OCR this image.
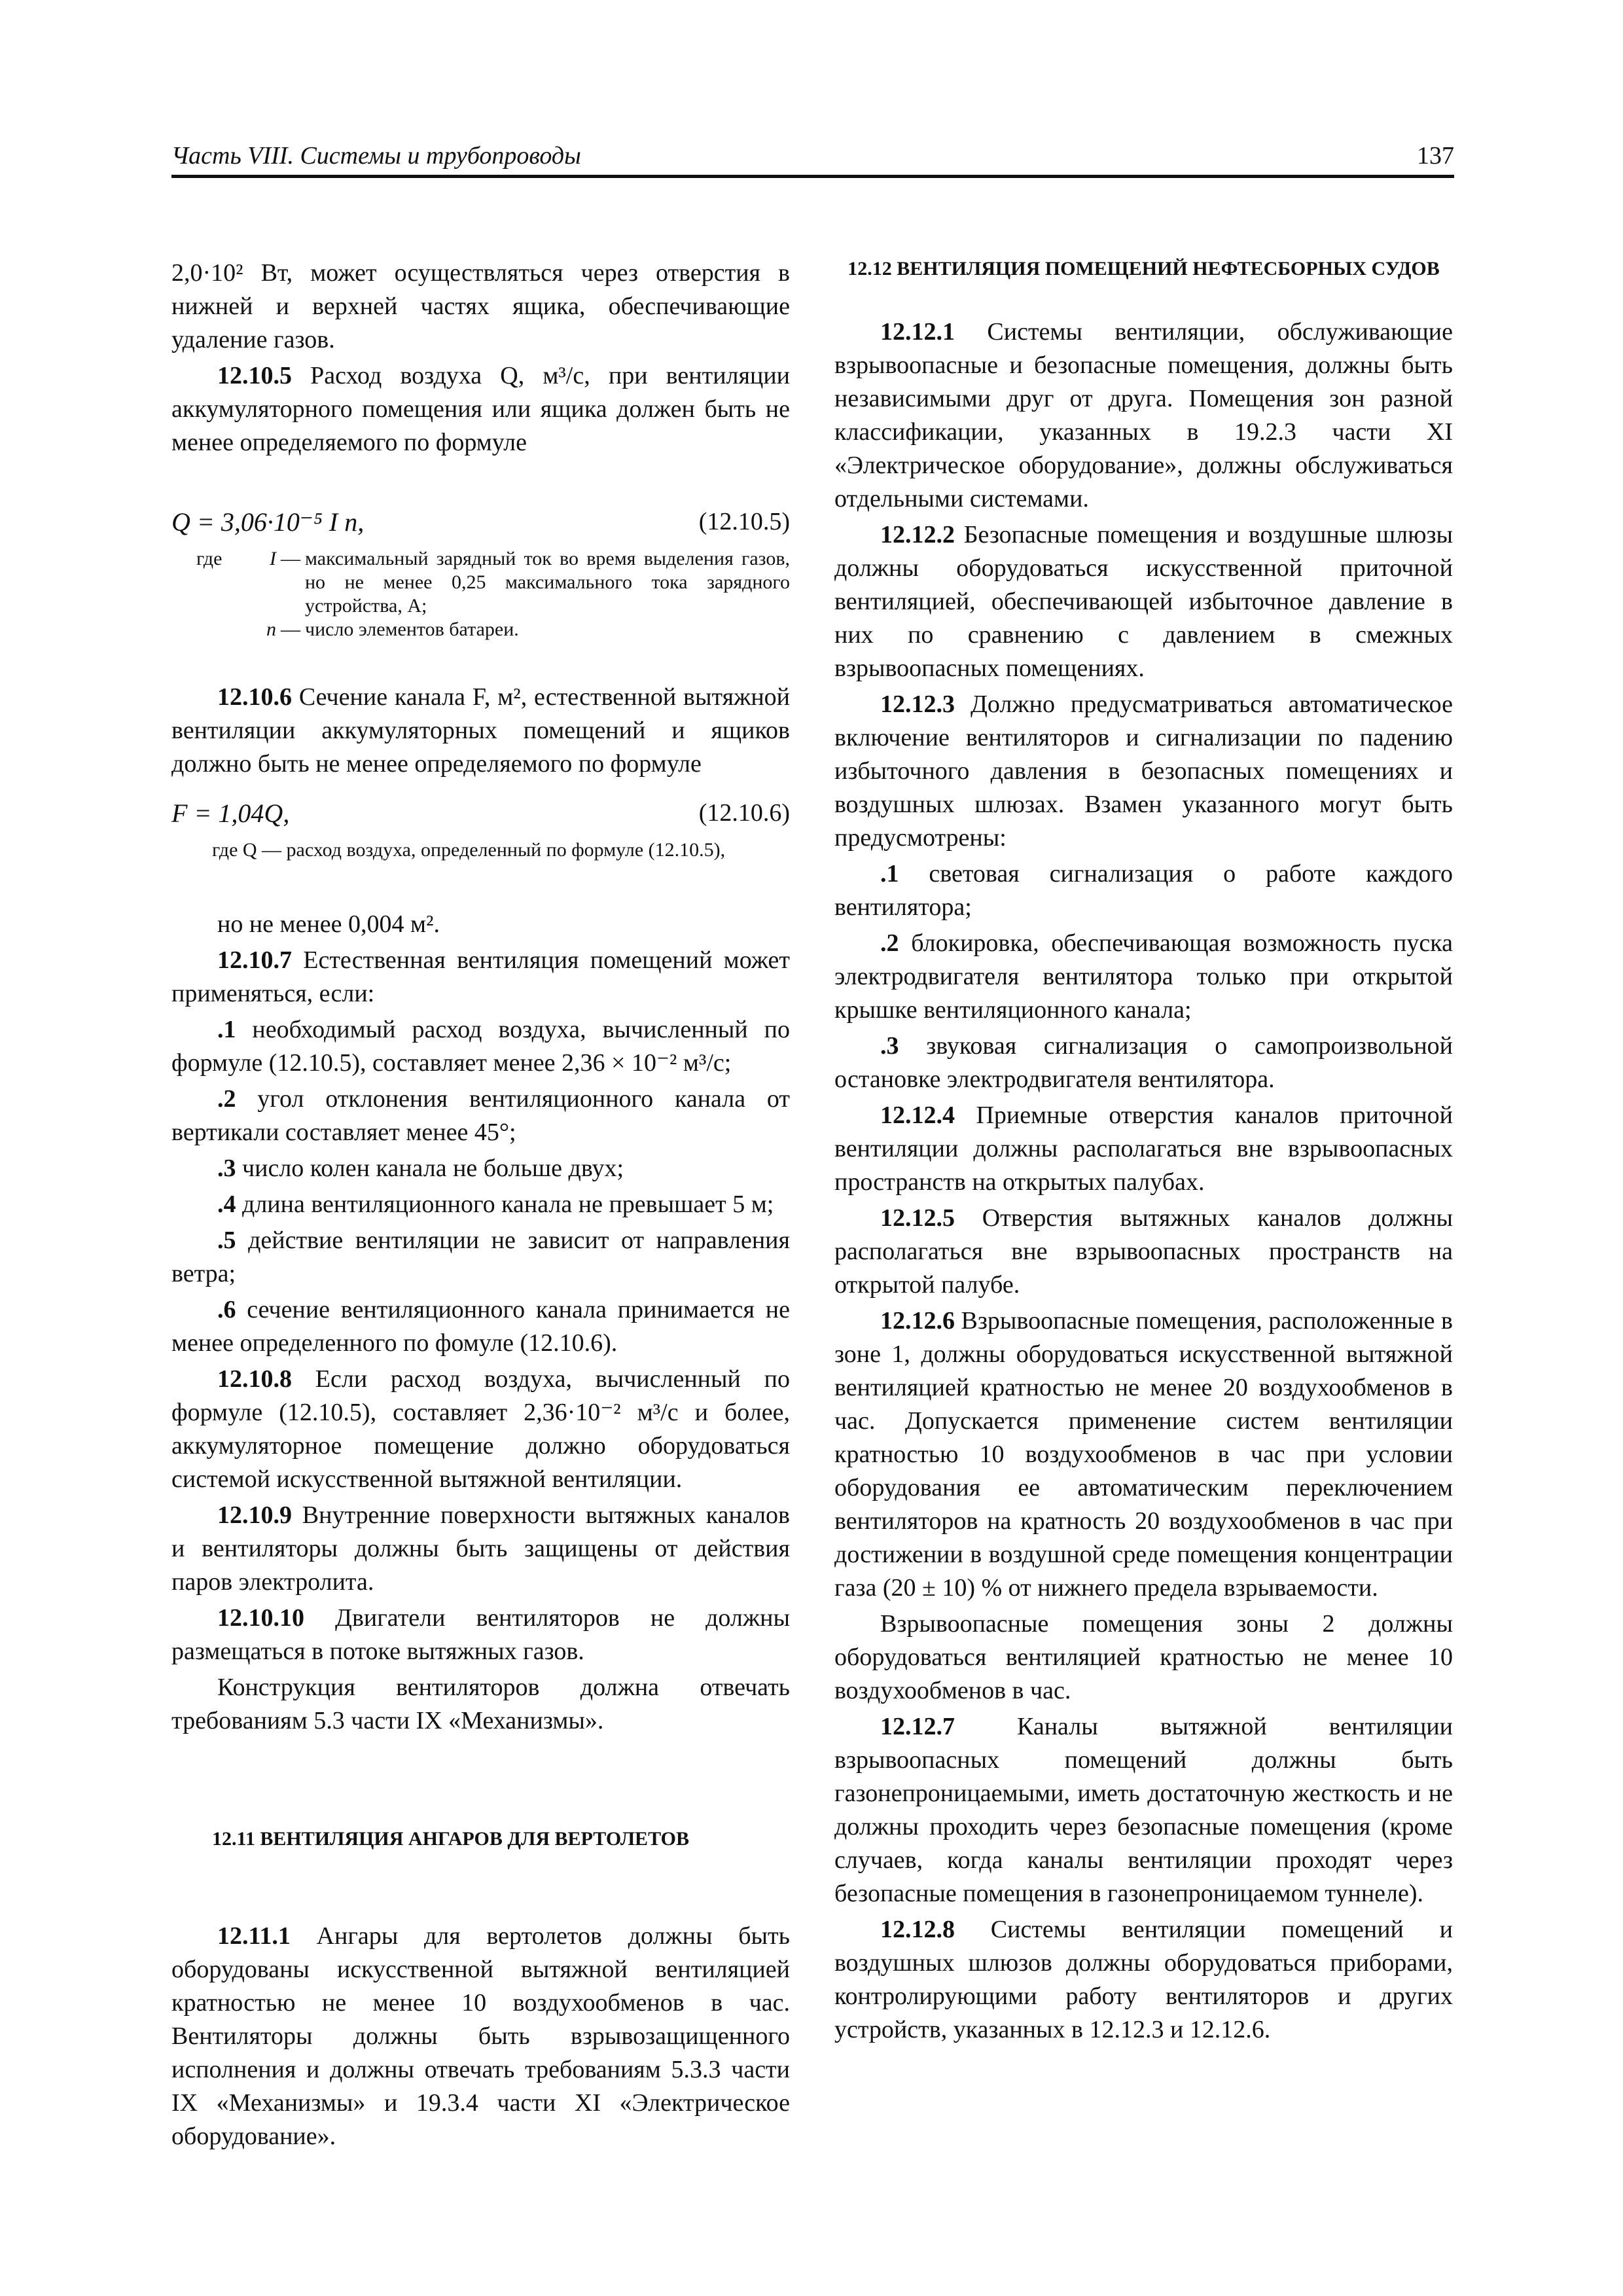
Часть VIII. Системы и трубопроводы	137

2,0·10² Вт, может осуществляться через отверстия в нижней и верхней частях ящика, обеспечивающие удаление газов.

12.10.5 Расход воздуха Q, м³/с, при вентиляции аккумуляторного помещения или ящика должен быть не менее определяемого по формуле

Q = 3,06·10⁻⁵ I n,	(12.10.5)
где	I — максимальный зарядный ток во время выделения газов, но не менее 0,25 максимального тока зарядного устройства, А;
n — число элементов батареи.

12.10.6 Сечение канала F, м², естественной вытяжной вентиляции аккумуляторных помещений и ящиков должно быть не менее определяемого по формуле

F = 1,04Q,	(12.10.6)
где Q — расход воздуха, определенный по формуле (12.10.5),

но не менее 0,004 м².

12.10.7 Естественная вентиляция помещений может применяться, если:

.1 необходимый расход воздуха, вычисленный по формуле (12.10.5), составляет менее 2,36 × 10⁻² м³/с;

.2 угол отклонения вентиляционного канала от вертикали составляет менее 45°;

.3 число колен канала не больше двух;

.4 длина вентиляционного канала не превышает 5 м;

.5 действие вентиляции не зависит от направления ветра;

.6 сечение вентиляционного канала принимается не менее определенного по фомуле (12.10.6).

12.10.8 Если расход воздуха, вычисленный по формуле (12.10.5), составляет 2,36·10⁻² м³/с и более, аккумуляторное помещение должно оборудоваться системой искусственной вытяжной вентиляции.

12.10.9 Внутренние поверхности вытяжных каналов и вентиляторы должны быть защищены от действия паров электролита.

12.10.10 Двигатели вентиляторов не должны размещаться в потоке вытяжных газов.

Конструкция вентиляторов должна отвечать требованиям 5.3 части IX «Механизмы».

12.11 ВЕНТИЛЯЦИЯ АНГАРОВ ДЛЯ ВЕРТОЛЕТОВ

12.11.1 Ангары для вертолетов должны быть оборудованы искусственной вытяжной вентиляцией кратностью не менее 10 воздухообменов в час. Вентиляторы должны быть взрывозащищенного исполнения и должны отвечать требованиям 5.3.3 части IX «Механизмы» и 19.3.4 части XI «Электрическое оборудование».

12.12 ВЕНТИЛЯЦИЯ ПОМЕЩЕНИЙ НЕФТЕСБОРНЫХ СУДОВ

12.12.1 Системы вентиляции, обслуживающие взрывоопасные и безопасные помещения, должны быть независимыми друг от друга. Помещения зон разной классификации, указанных в 19.2.3 части XI «Электрическое оборудование», должны обслуживаться отдельными системами.

12.12.2 Безопасные помещения и воздушные шлюзы должны оборудоваться искусственной приточной вентиляцией, обеспечивающей избыточное давление в них по сравнению с давлением в смежных взрывоопасных помещениях.

12.12.3 Должно предусматриваться автоматическое включение вентиляторов и сигнализации по падению избыточного давления в безопасных помещениях и воздушных шлюзах. Взамен указанного могут быть предусмотрены:

.1 световая сигнализация о работе каждого вентилятора;

.2 блокировка, обеспечивающая возможность пуска электродвигателя вентилятора только при открытой крышке вентиляционного канала;

.3 звуковая сигнализация о самопроизвольной остановке электродвигателя вентилятора.

12.12.4 Приемные отверстия каналов приточной вентиляции должны располагаться вне взрывоопасных пространств на открытых палубах.

12.12.5 Отверстия вытяжных каналов должны располагаться вне взрывоопасных пространств на открытой палубе.

12.12.6 Взрывоопасные помещения, расположенные в зоне 1, должны оборудоваться искусственной вытяжной вентиляцией кратностью не менее 20 воздухообменов в час. Допускается применение систем вентиляции кратностью 10 воздухообменов в час при условии оборудования ее автоматическим переключением вентиляторов на кратность 20 воздухообменов в час при достижении в воздушной среде помещения концентрации газа (20 ± 10) % от нижнего предела взрываемости.

Взрывоопасные помещения зоны 2 должны оборудоваться вентиляцией кратностью не менее 10 воздухообменов в час.

12.12.7 Каналы вытяжной вентиляции взрывоопасных помещений должны быть газонепроницаемыми, иметь достаточную жесткость и не должны проходить через безопасные помещения (кроме случаев, когда каналы вентиляции проходят через безопасные помещения в газонепроницаемом туннеле).

12.12.8 Системы вентиляции помещений и воздушных шлюзов должны оборудоваться приборами, контролирующими работу вентиляторов и других устройств, указанных в 12.12.3 и 12.12.6.
